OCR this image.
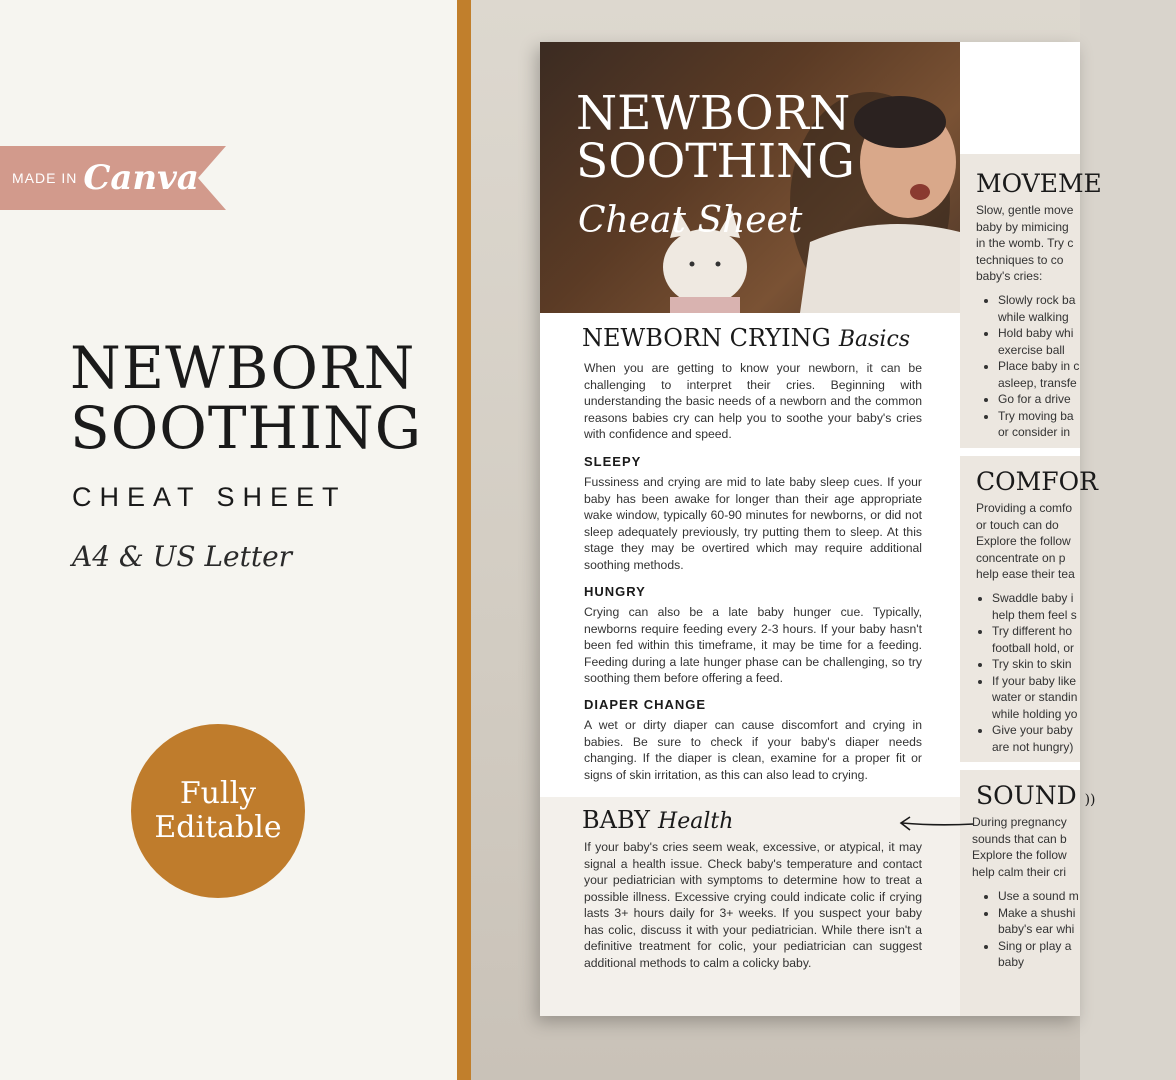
MADE IN Canva
NEWBORN
SOOTHING
CHEAT SHEET
A4 & US Letter
Fully
Editable
NEWBORN
SOOTHING
Cheat Sheet
NEWBORN CRYING Basics

When you are getting to know your newborn, it can be challenging to interpret their cries. Beginning with understanding the basic needs of a newborn and the common reasons babies cry can help you to soothe your baby's cries with confidence and speed.

SLEEPY

Fussiness and crying are mid to late baby sleep cues. If your baby has been awake for longer than their age appropriate wake window, typically 60-90 minutes for newborns, or did not sleep adequately previously, try putting them to sleep. At this stage they may be overtired which may require additional soothing methods.

HUNGRY

Crying can also be a late baby hunger cue. Typically, newborns require feeding every 2-3 hours. If your baby hasn't been fed within this timeframe, it may be time for a feeding. Feeding during a late hunger phase can be challenging, so try soothing them before offering a feed.

DIAPER CHANGE

A wet or dirty diaper can cause discomfort and crying in babies. Be sure to check if your baby's diaper needs changing. If the diaper is clean, examine for a proper fit or signs of skin irritation, as this can also lead to crying.

BABY Health

If your baby's cries seem weak, excessive, or atypical, it may signal a health issue. Check baby's temperature and contact your pediatrician with symptoms to determine how to treat a possible illness. Excessive crying could indicate colic if crying lasts 3+ hours daily for 3+ weeks. If you suspect your baby has colic, discuss it with your pediatrician. While there isn't a definitive treatment for colic, your pediatrician can suggest additional methods to calm a colicky baby.

MOVEME
Slow, gentle move
baby by mimicing
in the womb. Try c
techniques to co
baby's cries:
• Slowly rock ba
while walking
• Hold baby whi
exercise ball
• Place baby in c
asleep, transfe
• Go for a drive
• Try moving ba
or consider in
COMFOR
Providing a comfo
or touch can do
Explore the follow
concentrate on p
help ease their tea
• Swaddle baby i
help them feel s
• Try different ho
football hold, or
• Try skin to skin
• If your baby like
water or standin
while holding yo
• Give your baby
are not hungry)
SOUND ))
During pregnancy
sounds that can b
Explore the follow
help calm their cri
• Use a sound m
• Make a shushi
baby's ear whi
• Sing or play a
baby
